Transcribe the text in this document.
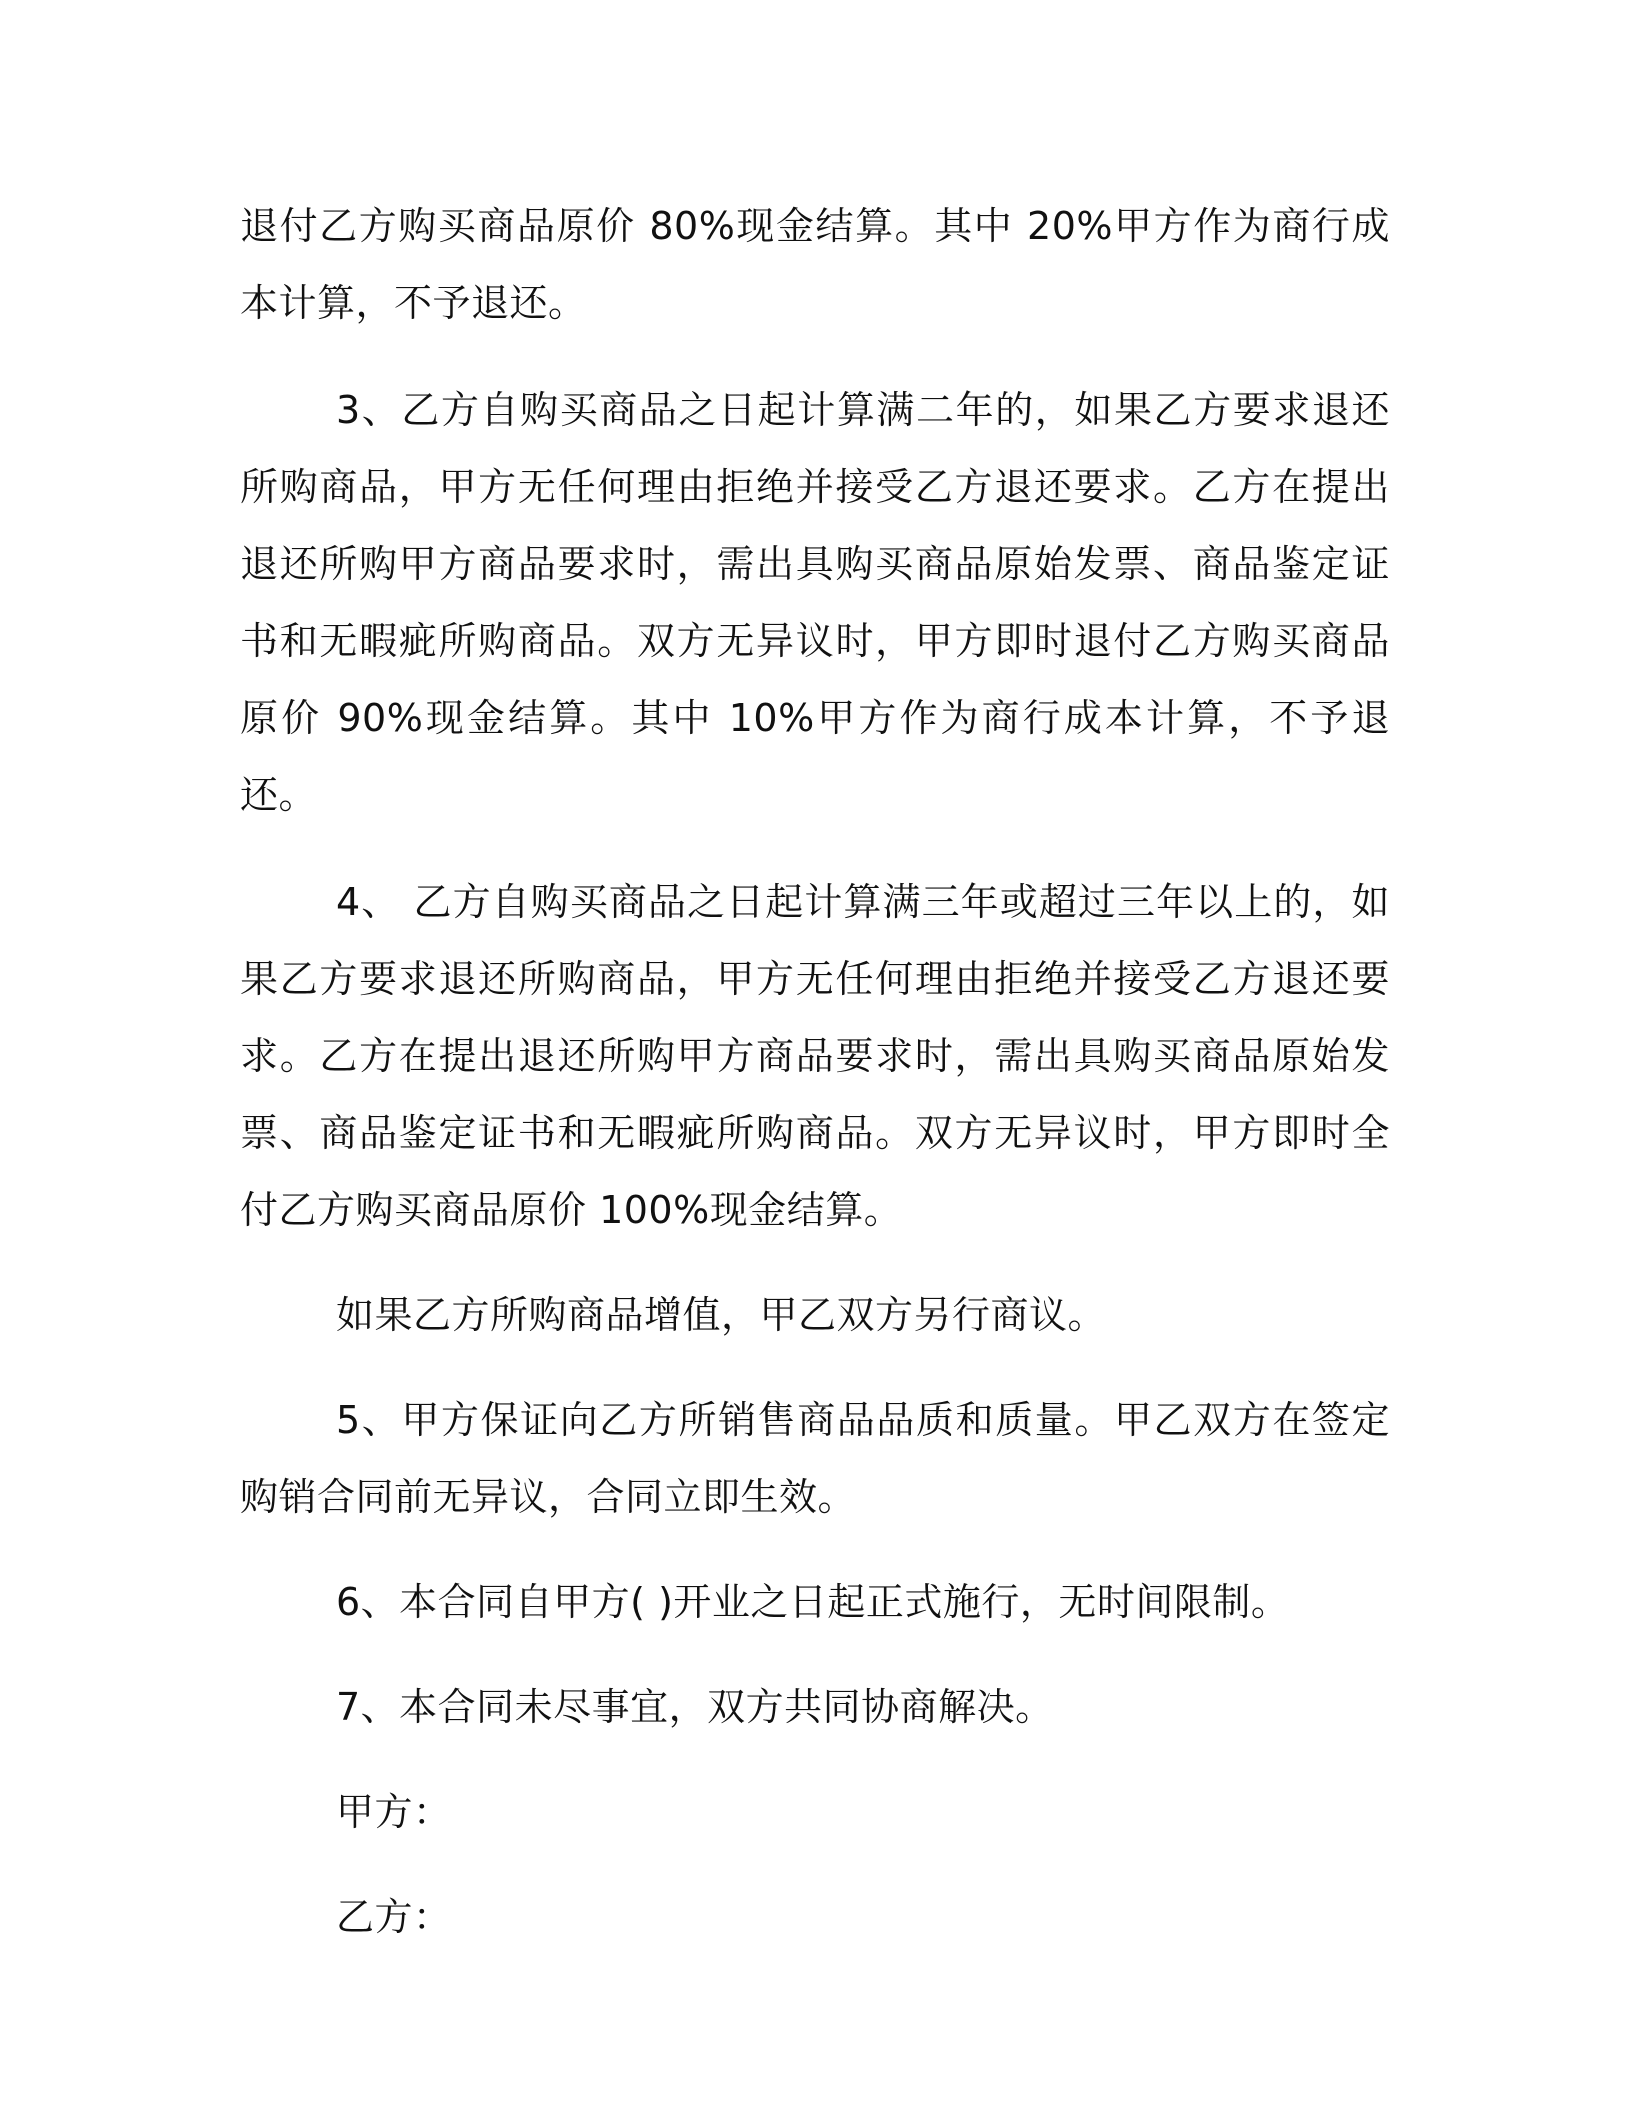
退付乙方购买商品原价 80%现金结算。其中 20%甲方作为商行成本计算，不予退还。

3、乙方自购买商品之日起计算满二年的，如果乙方要求退还所购商品，甲方无任何理由拒绝并接受乙方退还要求。乙方在提出退还所购甲方商品要求时，需出具购买商品原始发票、商品鉴定证书和无暇疵所购商品。双方无异议时，甲方即时退付乙方购买商品原价 90%现金结算。其中 10%甲方作为商行成本计算，不予退还。

4、 乙方自购买商品之日起计算满三年或超过三年以上的，如果乙方要求退还所购商品，甲方无任何理由拒绝并接受乙方退还要求。乙方在提出退还所购甲方商品要求时，需出具购买商品原始发票、商品鉴定证书和无暇疵所购商品。双方无异议时，甲方即时全付乙方购买商品原价 100%现金结算。

如果乙方所购商品增值，甲乙双方另行商议。

5、甲方保证向乙方所销售商品品质和质量。甲乙双方在签定购销合同前无异议，合同立即生效。

6、本合同自甲方( )开业之日起正式施行，无时间限制。

7、本合同未尽事宜，双方共同协商解决。

甲方：

乙方：
